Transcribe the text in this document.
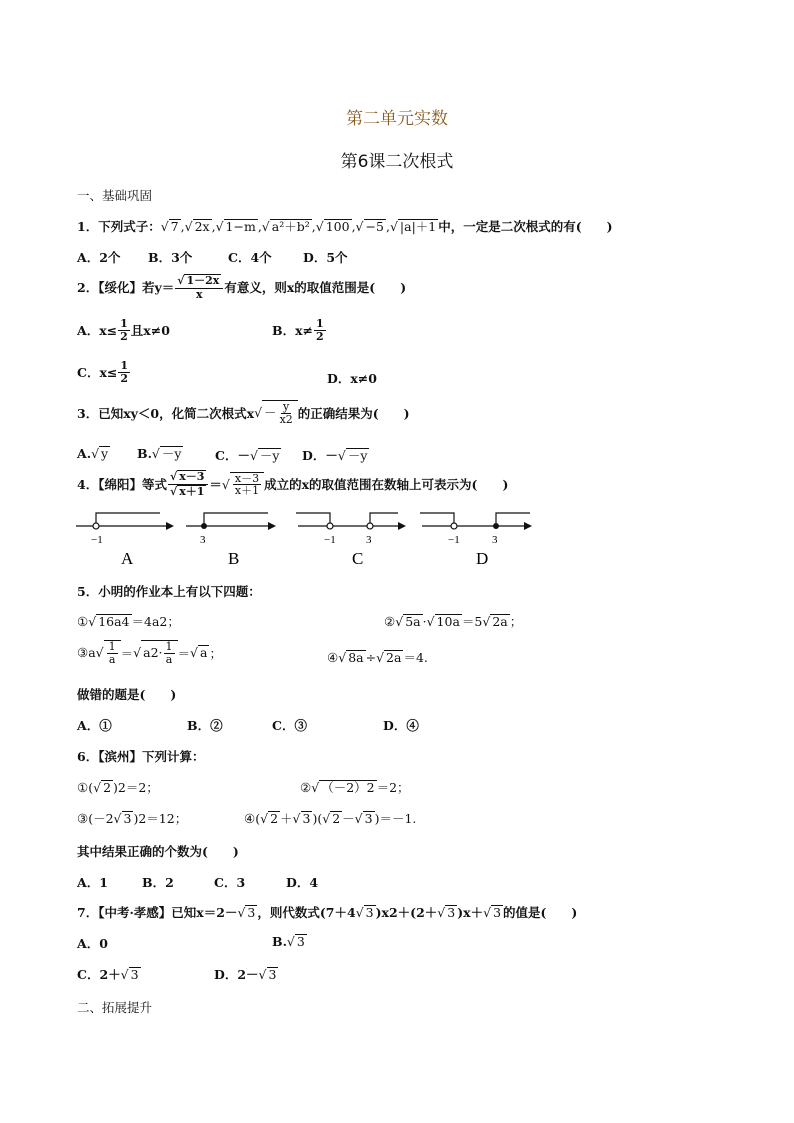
第二单元实数
第6课二次根式
一、基础巩固
1．下列式子：√ 7 ,√ 2x ,√ 1−m ,√ a²＋b² ,√ 100 ,√ −5 ,√ |a|＋1 中，一定是二次根式的有(　　)
A．2个 B．3个	C．4个	D．5个
2．【绥化】若 $y= \frac{√ 1-2x}{x}$ 有意义，则x的取值范围是(　　)
A．$x\le \frac{1}{2}$ 且x≠0	B．$x\ne \frac{1}{2}$
C．$x\le \frac{1}{2}$	D．x≠0
3．已知xy＜0，化简二次根式x √ － $\frac{y}{x2}$ 的正确结果为(　　)
A.√ y B.√ －y	C．－√ －y D．－√ －y
4．【绵阳】等式 $\frac{√ x-3}{√ x+1}$ ＝ √ $\frac{x-3}{x+1}$ 成立的x的取值范围在数轴上可表示为(　　)
−1
A
3
B
−1	3
C
−1	3
D
5．小明的作业本上有以下四题：
①√ 16a4 ＝4a2；	②√ 5a ·√ 10a ＝5√ 2a ；
③a √ $\frac{1}{a}$ ＝ √ $a2\cdot \frac{1}{a}$ ＝ √ a ；	④√ 8a ÷√ 2a ＝4.
做错的题是(　　)
A．①	B．②	C．③	D．④
6．【滨州】下列计算：
①(√ 2 )2＝2；	②√ （－2）2 ＝2；
③(－2√ 3 )2＝12；	④(√ 2 ＋√ 3 )(√ 2 －√ 3 )＝－1.
其中结果正确的个数为(　　)
A．1	B．2	C．3	D．4
7．【中考·孝感】已知x＝2－√ 3 ，则代数式(7＋4√ 3 )x2＋(2＋√ 3 )x＋√ 3 的值是(　　)
A．0	B.√ 3
C．2＋√ 3	D．2－√ 3
二、拓展提升
